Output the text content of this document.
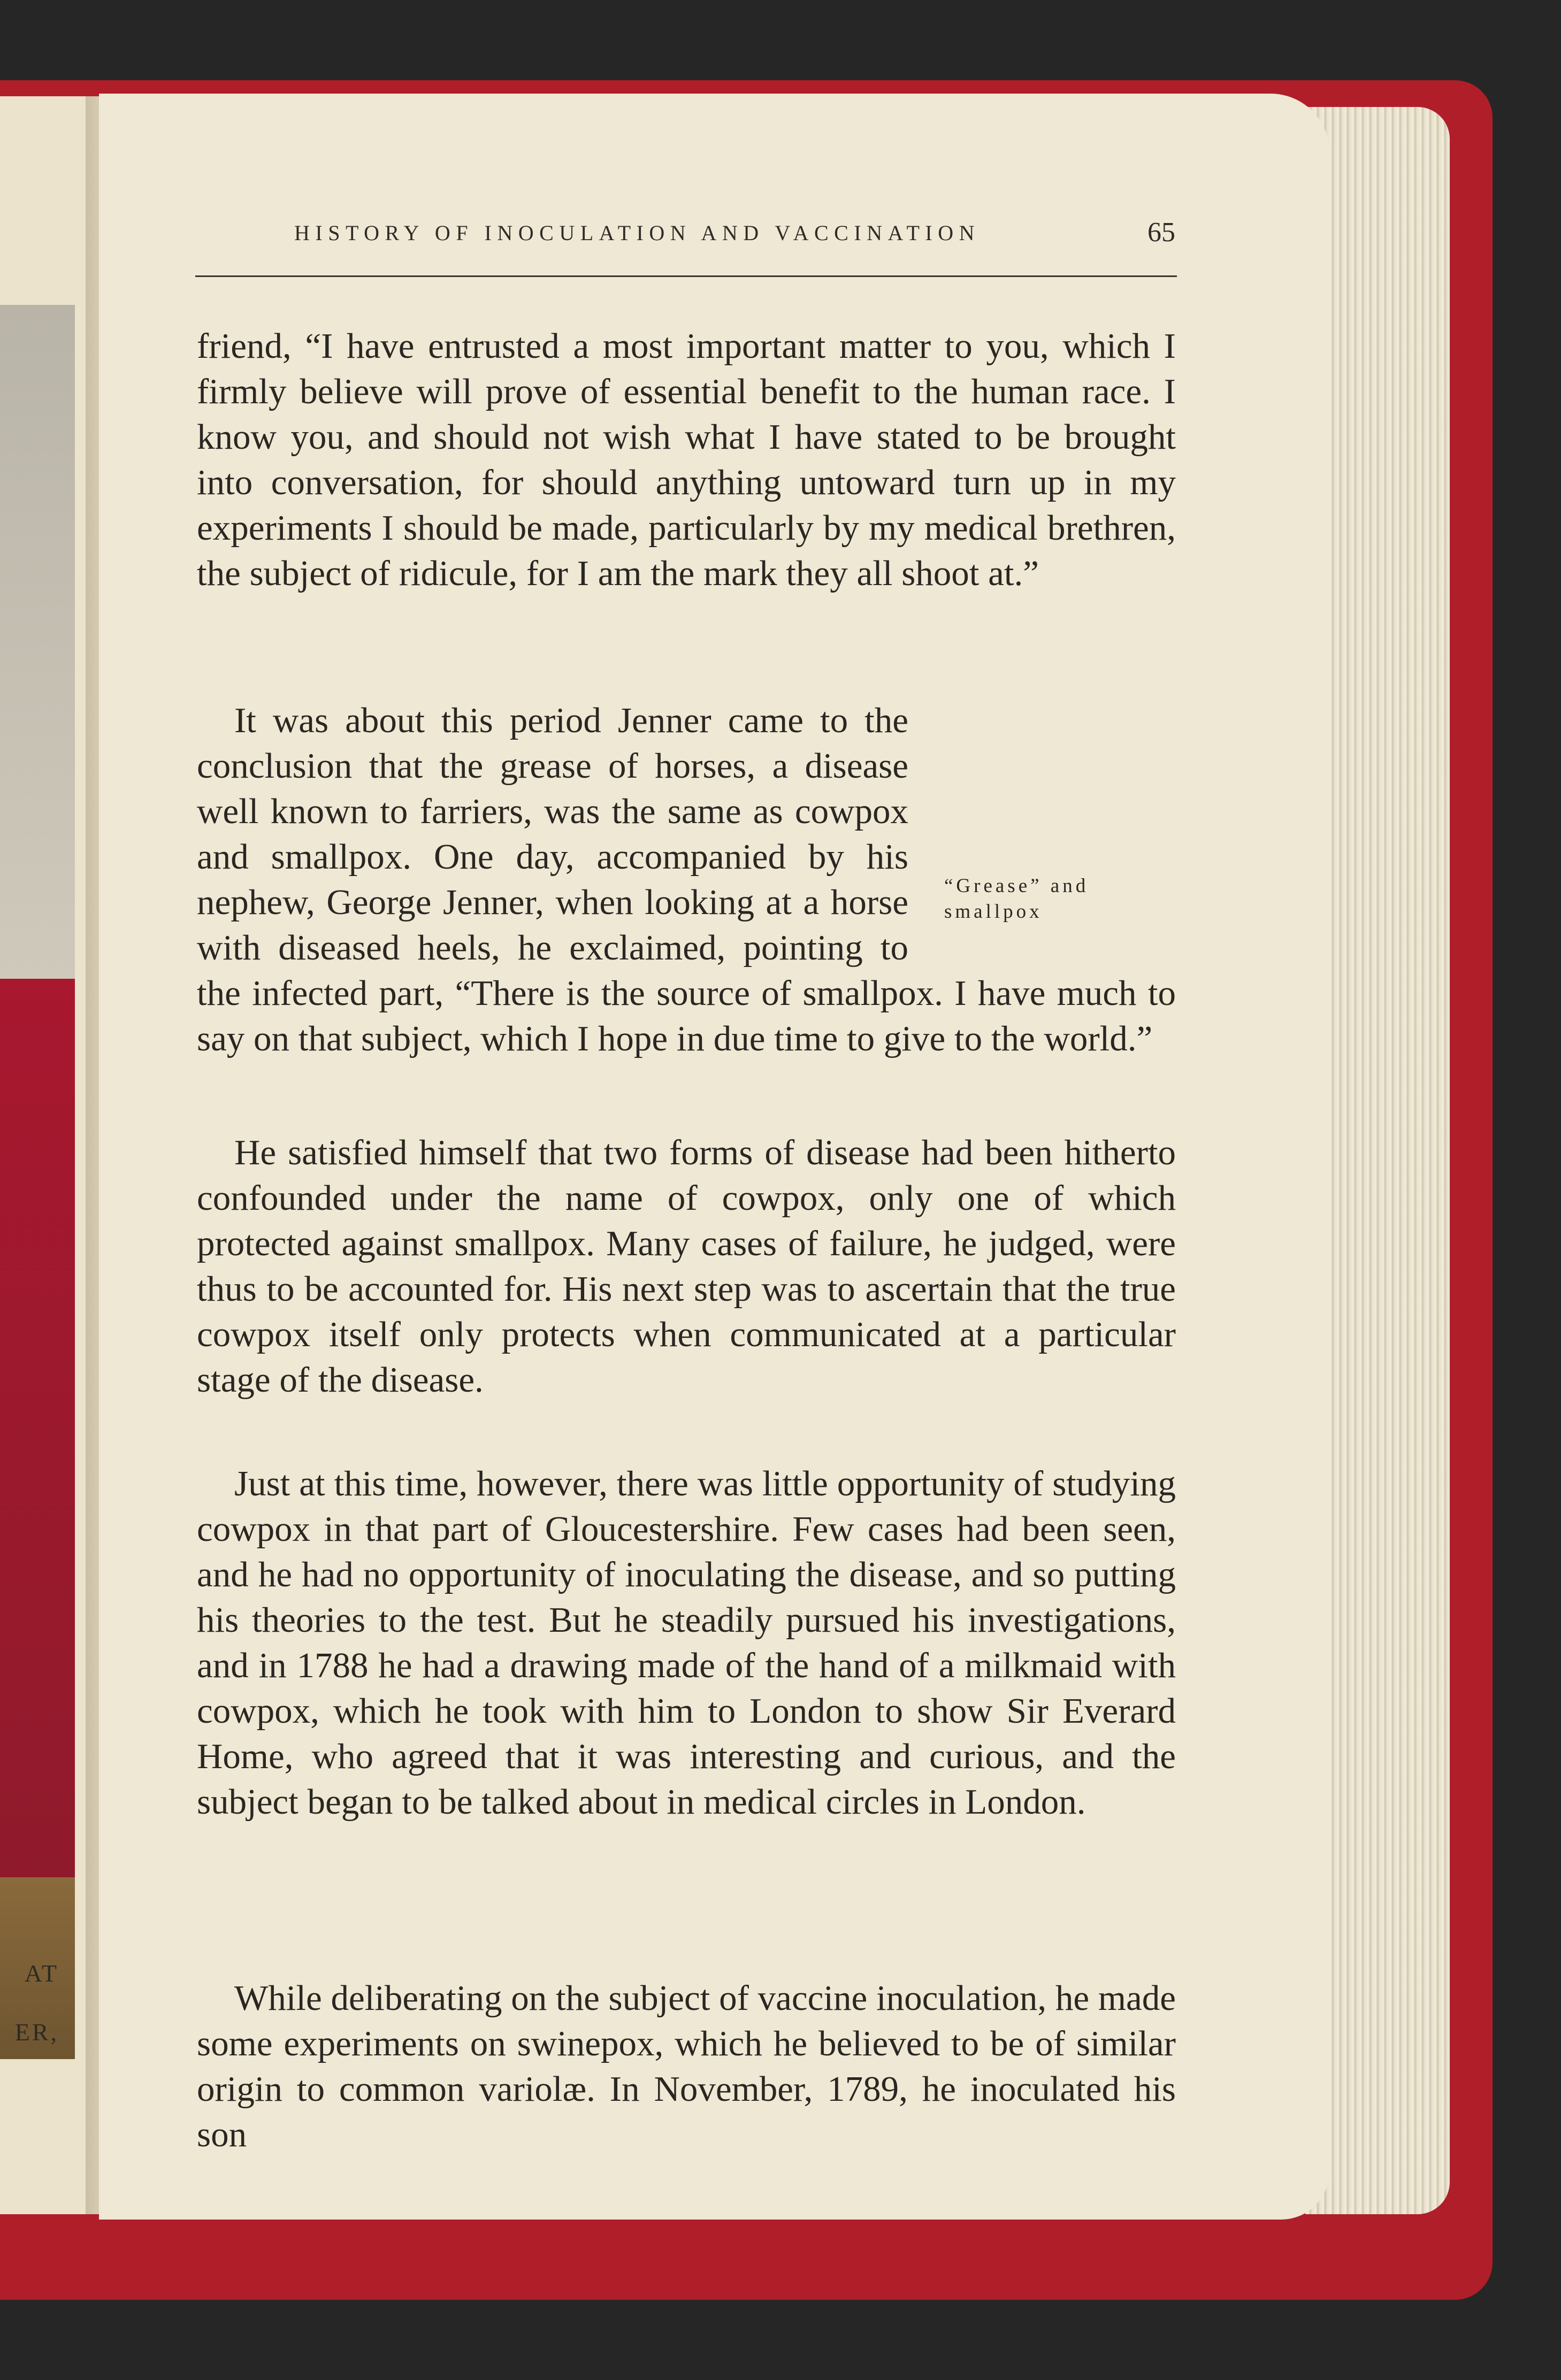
AT
ER,
HISTORY OF INOCULATION AND VACCINATION	65

friend, “I have entrusted a most important matter to you, which I firmly believe will prove of essential benefit to the human race. I know you, and should not wish what I have stated to be brought into conversation, for should anything untoward turn up in my experiments I should be made, particularly by my medical brethren, the subject of ridicule, for I am the mark they all shoot at.”

It was about this period Jenner came to the conclusion that the grease of horses, a disease well known to farriers, was the same as cowpox and smallpox. One day, accompanied by his nephew, George Jenner, when looking at a horse with diseased heels, he exclaimed, pointing to the infected part, “There is the source of smallpox. I have much to say on that subject, which I hope in due time to give to the world.”

He satisfied himself that two forms of disease had been hitherto confounded under the name of cowpox, only one of which protected against smallpox. Many cases of failure, he judged, were thus to be accounted for. His next step was to ascertain that the true cowpox itself only protects when communicated at a particular stage of the disease.

Just at this time, however, there was little opportunity of studying cowpox in that part of Gloucestershire. Few cases had been seen, and he had no opportunity of inoculating the disease, and so putting his theories to the test. But he steadily pursued his investigations, and in 1788 he had a drawing made of the hand of a milkmaid with cowpox, which he took with him to London to show Sir Everard Home, who agreed that it was interesting and curious, and the subject began to be talked about in medical circles in London.

While deliberating on the subject of vaccine inoculation, he made some experiments on swinepox, which he believed to be of similar origin to common variolæ. In November, 1789, he inoculated his son

“Grease” and smallpox
